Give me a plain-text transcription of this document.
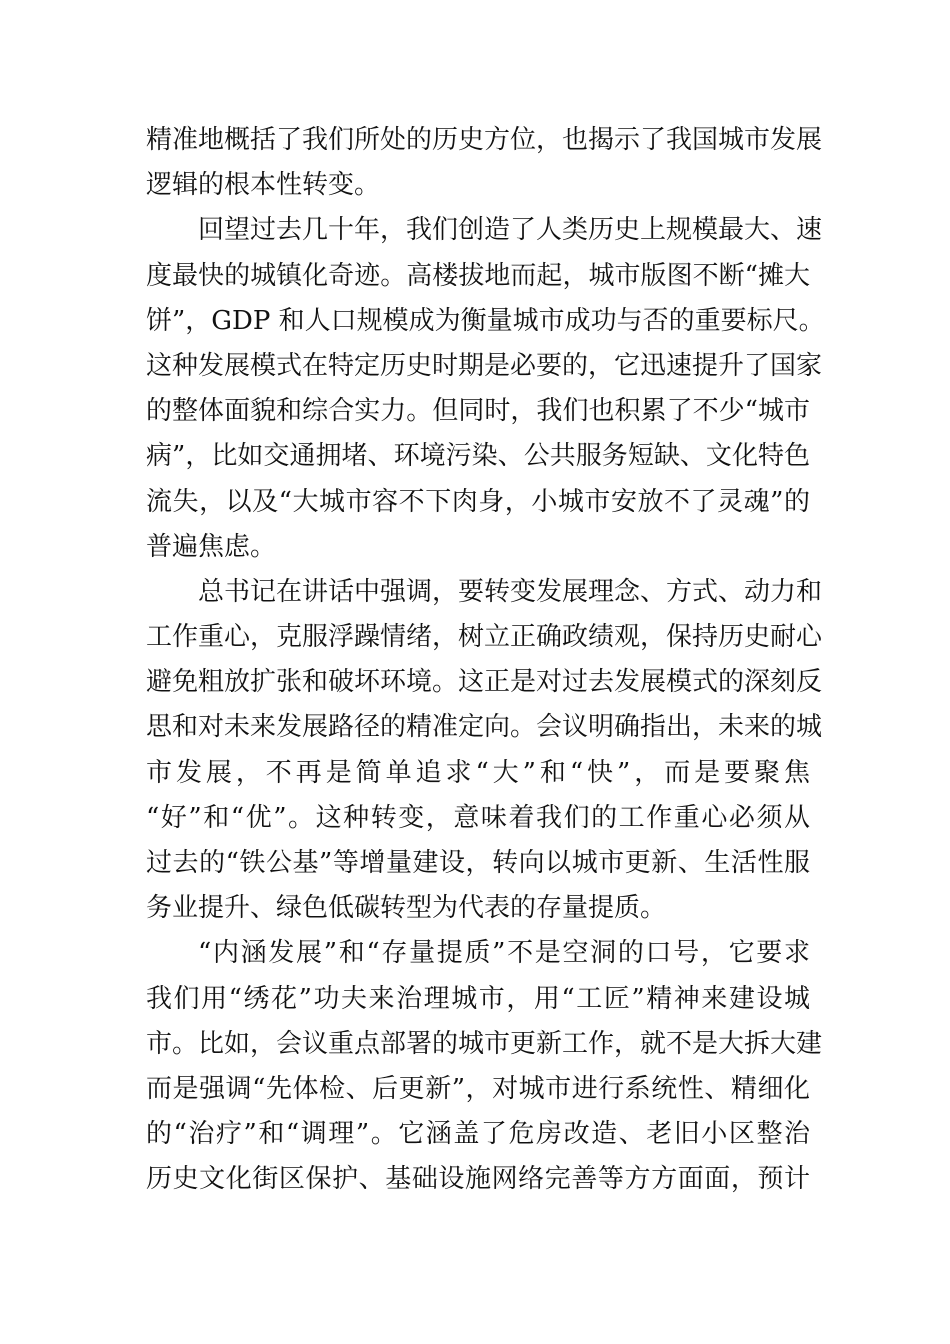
精准地概括了我们所处的历史方位，也揭示了我国城市发展
逻辑的根本性转变。
回望过去几十年，我们创造了人类历史上规模最大、速
度最快的城镇化奇迹。高楼拔地而起，城市版图不断“摊大
饼”，GDP 和人口规模成为衡量城市成功与否的重要标尺。
这种发展模式在特定历史时期是必要的，它迅速提升了国家
的整体面貌和综合实力。但同时，我们也积累了不少“城市
病”，比如交通拥堵、环境污染、公共服务短缺、文化特色
流失，以及“大城市容不下肉身，小城市安放不了灵魂”的
普遍焦虑。
总书记在讲话中强调，要转变发展理念、方式、动力和
工作重心，克服浮躁情绪，树立正确政绩观，保持历史耐心
避免粗放扩张和破坏环境。这正是对过去发展模式的深刻反
思和对未来发展路径的精准定向。会议明确指出，未来的城
市发展，不再是简单追求“大”和“快”，而是要聚焦
“好”和“优”。这种转变，意味着我们的工作重心必须从
过去的“铁公基”等增量建设，转向以城市更新、生活性服
务业提升、绿色低碳转型为代表的存量提质。
“内涵发展”和“存量提质”不是空洞的口号，它要求
我们用“绣花”功夫来治理城市，用“工匠”精神来建设城
市。比如，会议重点部署的城市更新工作，就不是大拆大建
而是强调“先体检、后更新”，对城市进行系统性、精细化
的“治疗”和“调理”。它涵盖了危房改造、老旧小区整治
历史文化街区保护、基础设施网络完善等方方面面，预计
